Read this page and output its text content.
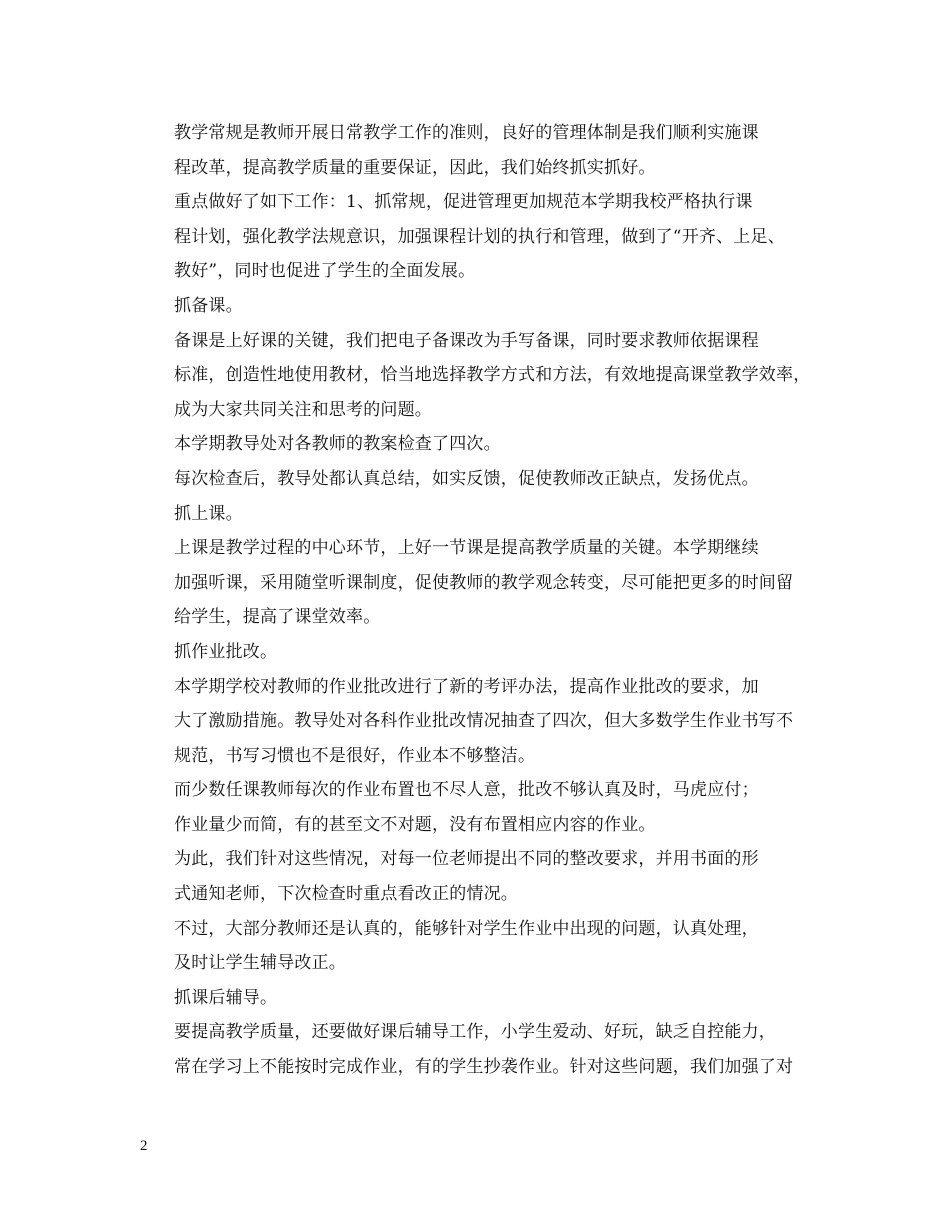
教学常规是教师开展日常教学工作的准则，良好的管理体制是我们顺利实施课
程改革，提高教学质量的重要保证，因此，我们始终抓实抓好。

重点做好了如下工作：1、抓常规，促进管理更加规范本学期我校严格执行课
程计划，强化教学法规意识，加强课程计划的执行和管理，做到了“开齐、上足、
教好”，同时也促进了学生的全面发展。

抓备课。

备课是上好课的关键，我们把电子备课改为手写备课，同时要求教师依据课程
标准，创造性地使用教材，恰当地选择教学方式和方法，有效地提高课堂教学效率，
成为大家共同关注和思考的问题。

本学期教导处对各教师的教案检查了四次。

每次检查后，教导处都认真总结，如实反馈，促使教师改正缺点，发扬优点。

抓上课。

上课是教学过程的中心环节，上好一节课是提高教学质量的关键。本学期继续
加强听课，采用随堂听课制度，促使教师的教学观念转变，尽可能把更多的时间留
给学生，提高了课堂效率。

抓作业批改。

本学期学校对教师的作业批改进行了新的考评办法，提高作业批改的要求，加
大了激励措施。教导处对各科作业批改情况抽查了四次，但大多数学生作业书写不
规范，书写习惯也不是很好，作业本不够整洁。

而少数任课教师每次的作业布置也不尽人意，批改不够认真及时，马虎应付；
作业量少而简，有的甚至文不对题，没有布置相应内容的作业。

为此，我们针对这些情况，对每一位老师提出不同的整改要求，并用书面的形
式通知老师，下次检查时重点看改正的情况。

不过，大部分教师还是认真的，能够针对学生作业中出现的问题，认真处理，
及时让学生辅导改正。

抓课后辅导。

要提高教学质量，还要做好课后辅导工作，小学生爱动、好玩，缺乏自控能力，
常在学习上不能按时完成作业，有的学生抄袭作业。针对这些问题，我们加强了对

2
